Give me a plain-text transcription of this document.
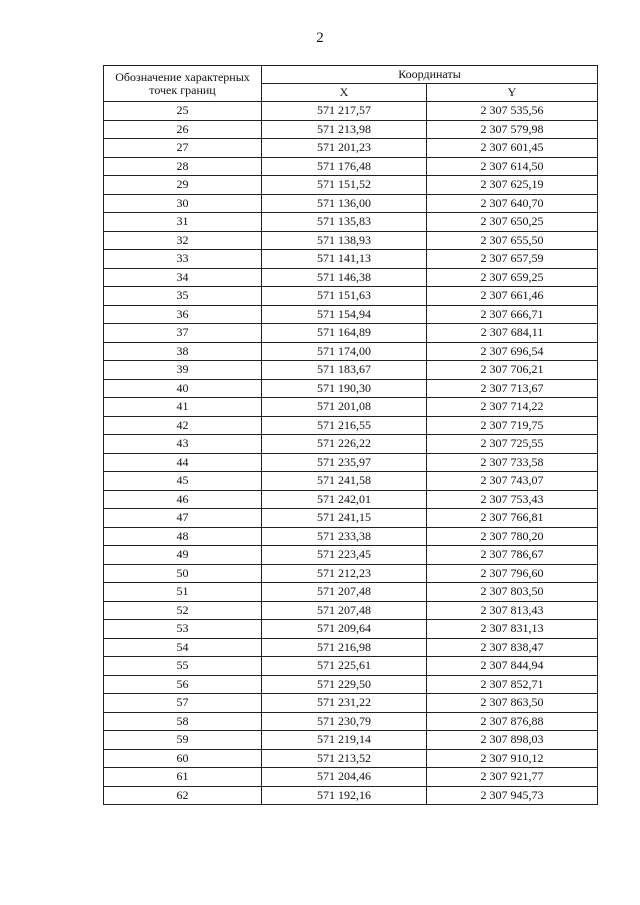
2
Обозначение характерных точек границ	Координаты	
	X	Y
25	571 217,57	2 307 535,56
26	571 213,98	2 307 579,98
27	571 201,23	2 307 601,45
28	571 176,48	2 307 614,50
29	571 151,52	2 307 625,19
30	571 136,00	2 307 640,70
31	571 135,83	2 307 650,25
32	571 138,93	2 307 655,50
33	571 141,13	2 307 657,59
34	571 146,38	2 307 659,25
35	571 151,63	2 307 661,46
36	571 154,94	2 307 666,71
37	571 164,89	2 307 684,11
38	571 174,00	2 307 696,54
39	571 183,67	2 307 706,21
40	571 190,30	2 307 713,67
41	571 201,08	2 307 714,22
42	571 216,55	2 307 719,75
43	571 226,22	2 307 725,55
44	571 235,97	2 307 733,58
45	571 241,58	2 307 743,07
46	571 242,01	2 307 753,43
47	571 241,15	2 307 766,81
48	571 233,38	2 307 780,20
49	571 223,45	2 307 786,67
50	571 212,23	2 307 796,60
51	571 207,48	2 307 803,50
52	571 207,48	2 307 813,43
53	571 209,64	2 307 831,13
54	571 216,98	2 307 838,47
55	571 225,61	2 307 844,94
56	571 229,50	2 307 852,71
57	571 231,22	2 307 863,50
58	571 230,79	2 307 876,88
59	571 219,14	2 307 898,03
60	571 213,52	2 307 910,12
61	571 204,46	2 307 921,77
62	571 192,16	2 307 945,73
